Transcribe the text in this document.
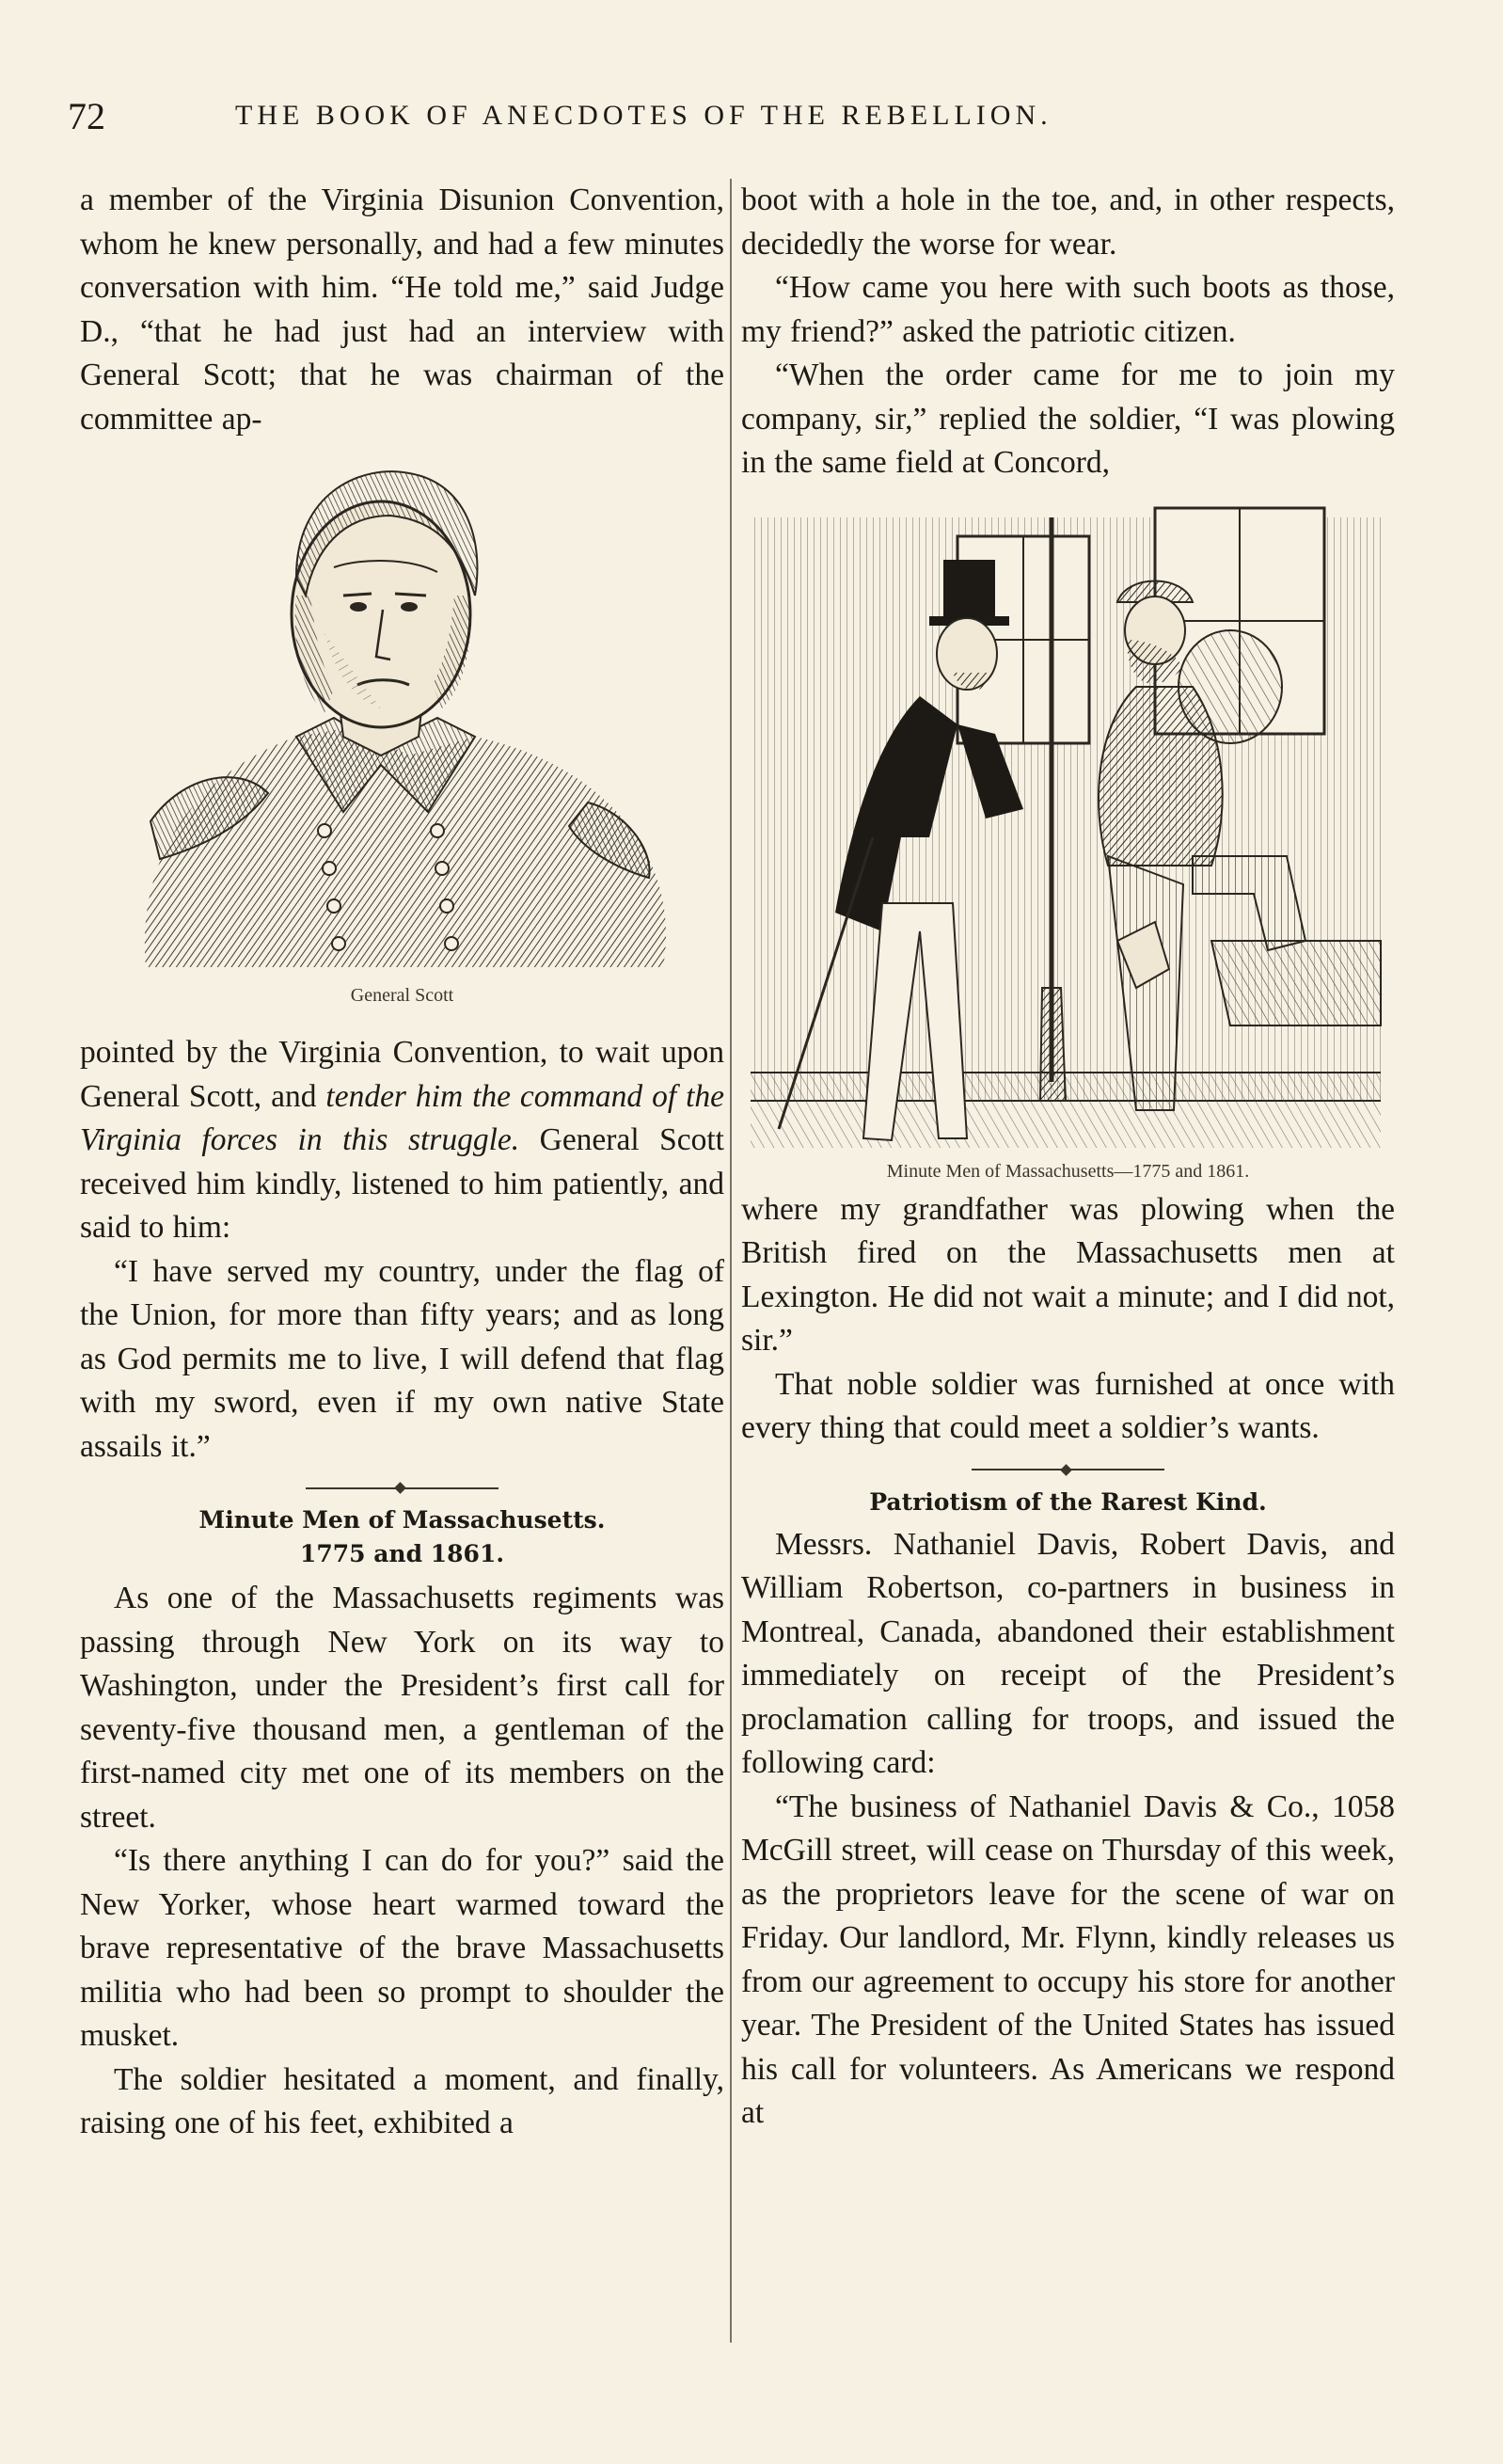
72	THE BOOK OF ANECDOTES OF THE REBELLION.

a member of the Virginia Disunion Convention, whom he knew personally, and had a few minutes conversation with him. “He told me,” said Judge D., “that he had just had an interview with General Scott; that he was chairman of the committee ap-

General Scott

pointed by the Virginia Convention, to wait upon General Scott, and tender him the command of the Virginia forces in this struggle. General Scott received him kindly, listened to him patiently, and said to him:

“I have served my country, under the flag of the Union, for more than fifty years; and as long as God permits me to live, I will defend that flag with my sword, even if my own native State assails it.”

Minute Men of Massachusetts.
1775 and 1861.

As one of the Massachusetts regiments was passing through New York on its way to Washington, under the President’s first call for seventy-five thousand men, a gentleman of the first-named city met one of its members on the street.

“Is there anything I can do for you?” said the New Yorker, whose heart warmed toward the brave representative of the brave Massachusetts militia who had been so prompt to shoulder the musket.

The soldier hesitated a moment, and finally, raising one of his feet, exhibited a

boot with a hole in the toe, and, in other respects, decidedly the worse for wear.

“How came you here with such boots as those, my friend?” asked the patriotic citizen.

“When the order came for me to join my company, sir,” replied the soldier, “I was plowing in the same field at Concord,

Minute Men of Massachusetts—1775 and 1861.

where my grandfather was plowing when the British fired on the Massachusetts men at Lexington. He did not wait a minute; and I did not, sir.”

That noble soldier was furnished at once with every thing that could meet a soldier’s wants.

Patriotism of the Rarest Kind.

Messrs. Nathaniel Davis, Robert Davis, and William Robertson, co-partners in business in Montreal, Canada, abandoned their establishment immediately on receipt of the President’s proclamation calling for troops, and issued the following card:

“The business of Nathaniel Davis & Co., 1058 McGill street, will cease on Thursday of this week, as the proprietors leave for the scene of war on Friday. Our landlord, Mr. Flynn, kindly releases us from our agreement to occupy his store for another year. The President of the United States has issued his call for volunteers. As Americans we respond at
